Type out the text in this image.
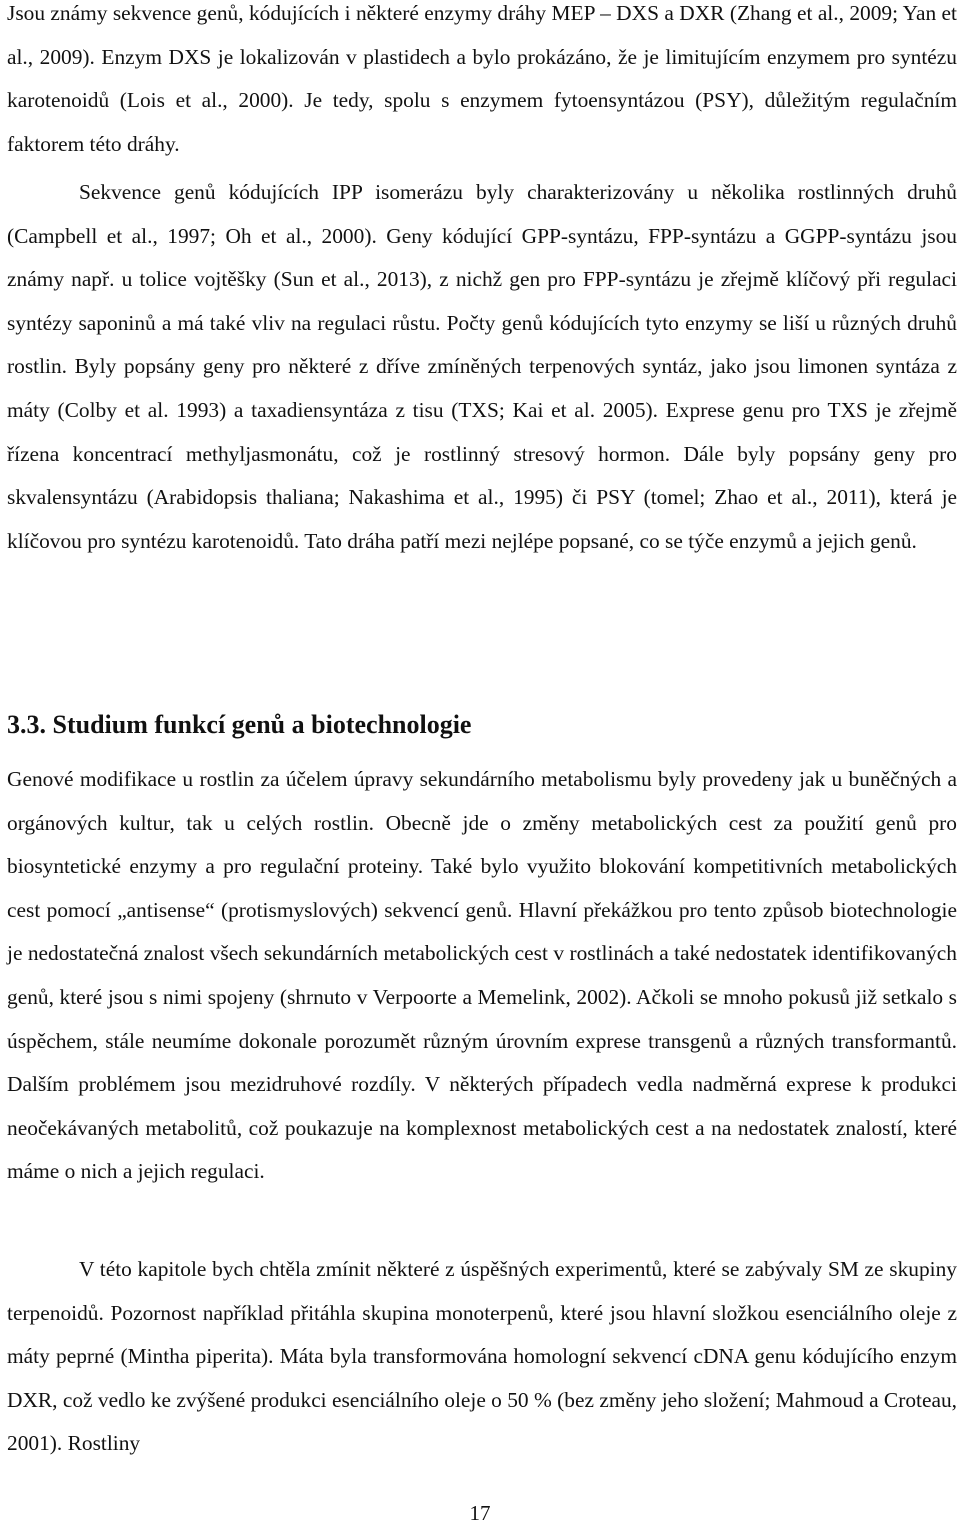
Jsou známy sekvence genů, kódujících i některé enzymy dráhy MEP – DXS a DXR (Zhang et al., 2009; Yan et al., 2009). Enzym DXS je lokalizován v plastidech a bylo prokázáno, že je limitujícím enzymem pro syntézu karotenoidů (Lois et al., 2000). Je tedy, spolu s enzymem fytoensyntázou (PSY), důležitým regulačním faktorem této dráhy.

Sekvence genů kódujících IPP isomerázu byly charakterizovány u několika rostlinných druhů (Campbell et al., 1997; Oh et al., 2000). Geny kódující GPP-syntázu, FPP-syntázu a GGPP-syntázu jsou známy např. u tolice vojtěšky (Sun et al., 2013), z nichž gen pro FPP-syntázu je zřejmě klíčový při regulaci syntézy saponinů a má také vliv na regulaci růstu. Počty genů kódujících tyto enzymy se liší u různých druhů rostlin. Byly popsány geny pro některé z dříve zmíněných terpenových syntáz, jako jsou limonen syntáza z máty (Colby et al. 1993) a taxadiensyntáza z tisu (TXS; Kai et al. 2005). Exprese genu pro TXS je zřejmě řízena koncentrací methyljasmonátu, což je rostlinný stresový hormon. Dále byly popsány geny pro skvalensyntázu (Arabidopsis thaliana; Nakashima et al., 1995) či PSY (tomel; Zhao et al., 2011), která je klíčovou pro syntézu karotenoidů. Tato dráha patří mezi nejlépe popsané, co se týče enzymů a jejich genů.

3.3. Studium funkcí genů a biotechnologie

Genové modifikace u rostlin za účelem úpravy sekundárního metabolismu byly provedeny jak u buněčných a orgánových kultur, tak u celých rostlin. Obecně jde o změny metabolických cest za použití genů pro biosyntetické enzymy a pro regulační proteiny. Také bylo využito blokování kompetitivních metabolických cest pomocí „antisense“ (protismyslových) sekvencí genů. Hlavní překážkou pro tento způsob biotechnologie je nedostatečná znalost všech sekundárních metabolických cest v rostlinách a také nedostatek identifikovaných genů, které jsou s nimi spojeny (shrnuto v Verpoorte a Memelink, 2002). Ačkoli se mnoho pokusů již setkalo s úspěchem, stále neumíme dokonale porozumět různým úrovním exprese transgenů a různých transformantů. Dalším problémem jsou mezidruhové rozdíly. V některých případech vedla nadměrná exprese k produkci neočekávaných metabolitů, což poukazuje na komplexnost metabolických cest a na nedostatek znalostí, které máme o nich a jejich regulaci.

V této kapitole bych chtěla zmínit některé z úspěšných experimentů, které se zabývaly SM ze skupiny terpenoidů. Pozornost například přitáhla skupina monoterpenů, které jsou hlavní složkou esenciálního oleje z máty peprné (Mintha piperita). Máta byla transformována homologní sekvencí cDNA genu kódujícího enzym DXR, což vedlo ke zvýšené produkci esenciálního oleje o 50 % (bez změny jeho složení; Mahmoud a Croteau, 2001). Rostliny

17
